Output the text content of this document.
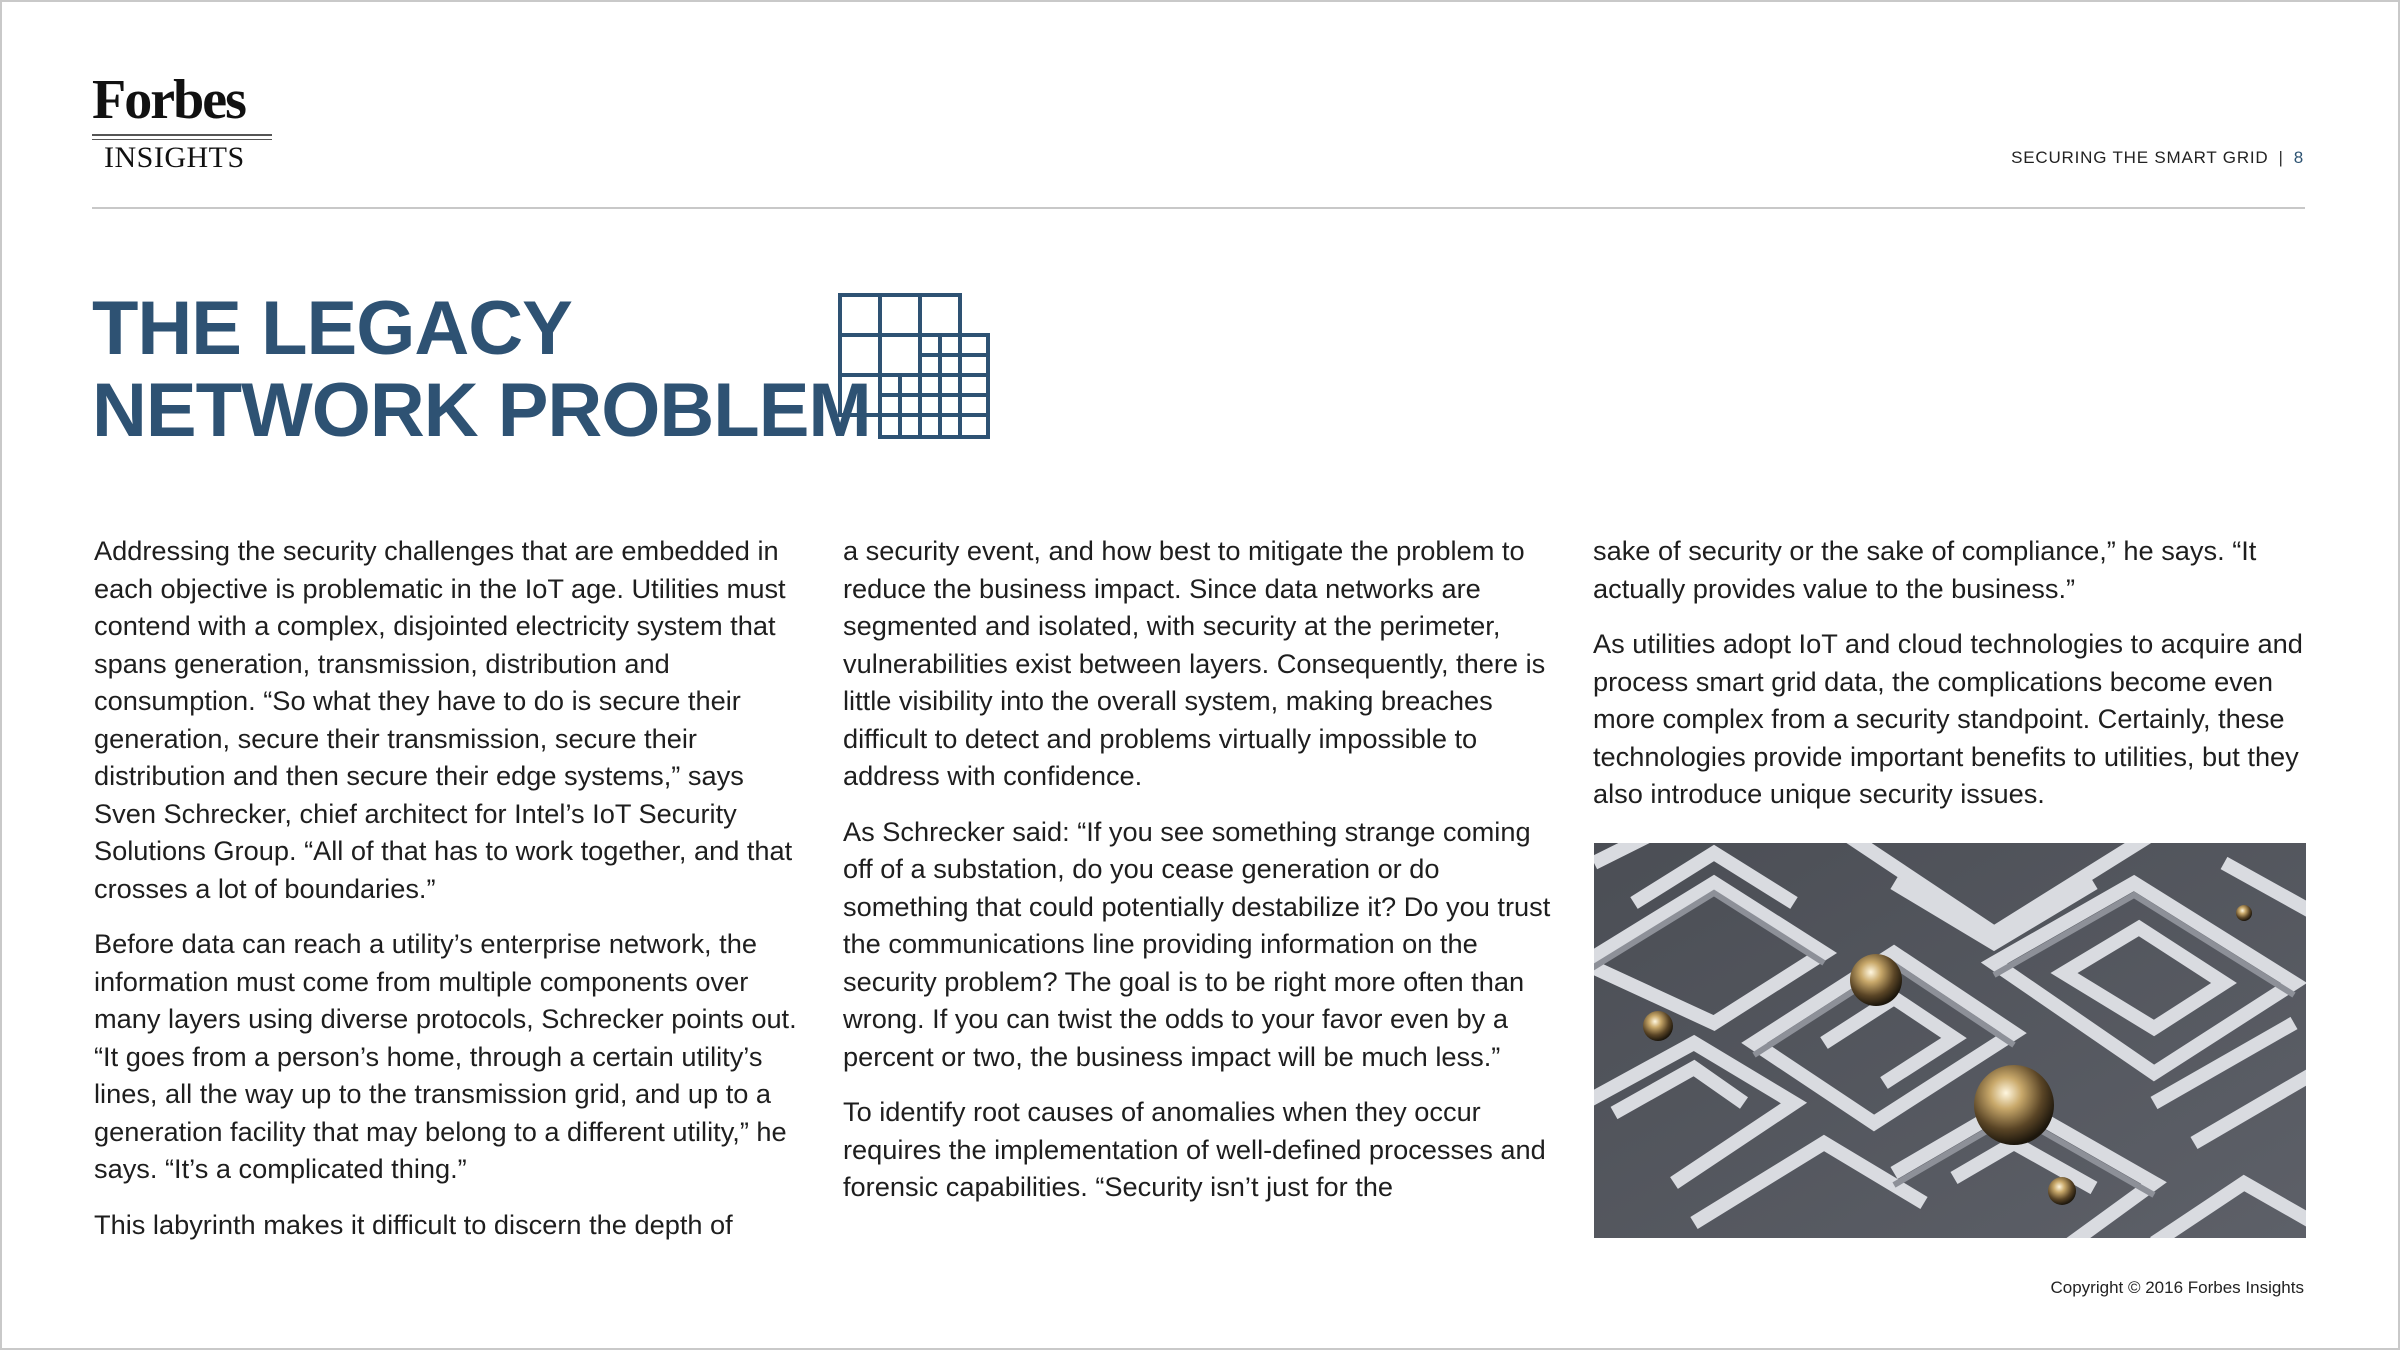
Forbes
INSIGHTS	SECURING THE SMART GRID | 8
THE LEGACY
NETWORK PROBLEM

Addressing the security challenges that are embedded in each objective is problematic in the IoT age. Utilities must contend with a complex, disjointed electricity system that spans generation, transmission, distribution and consumption. “So what they have to do is secure their generation, secure their transmission, secure their distribution and then secure their edge systems,” says Sven Schrecker, chief architect for Intel’s IoT Security Solutions Group. “All of that has to work together, and that crosses a lot of boundaries.”

Before data can reach a utility’s enterprise network, the information must come from multiple components over many layers using diverse protocols, Schrecker points out. “It goes from a person’s home, through a certain utility’s lines, all the way up to the transmission grid, and up to a generation facility that may belong to a different utility,” he says. “It’s a complicated thing.”

This labyrinth makes it difficult to discern the depth of

a security event, and how best to mitigate the problem to reduce the business impact. Since data networks are segmented and isolated, with security at the perimeter, vulnerabilities exist between layers. Consequently, there is little visibility into the overall system, making breaches difficult to detect and problems virtually impossible to address with confidence.

As Schrecker said: “If you see something strange coming off of a substation, do you cease generation or do something that could potentially destabilize it? Do you trust the communications line providing information on the security problem? The goal is to be right more often than wrong. If you can twist the odds to your favor even by a percent or two, the business impact will be much less.”

To identify root causes of anomalies when they occur requires the implementation of well-defined processes and forensic capabilities. “Security isn’t just for the

sake of security or the sake of compliance,” he says. “It actually provides value to the business.”

As utilities adopt IoT and cloud technologies to acquire and process smart grid data, the complications become even more complex from a security standpoint. Certainly, these technologies provide important benefits to utilities, but they also introduce unique security issues.

Copyright © 2016 Forbes Insights
